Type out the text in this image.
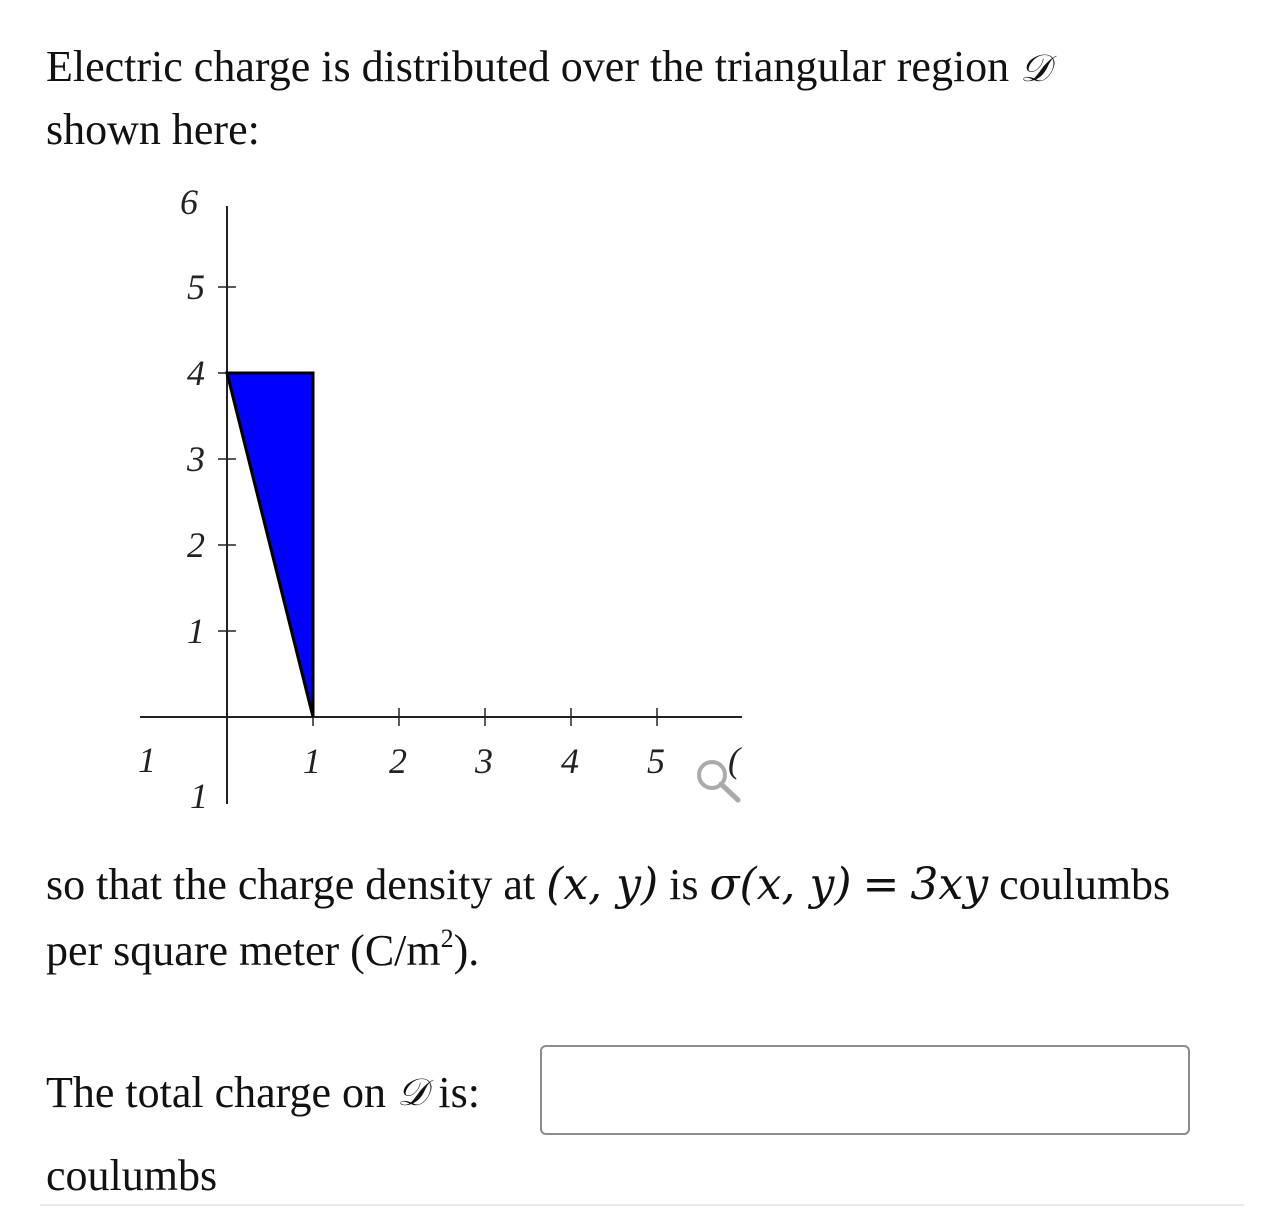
Electric charge is distributed over the triangular region 𝒟
shown here:
1 2 3 4 5
1
2
3
4
5
6
1
1
(
so that the charge density at (x, y) is σ(x, y) = 3xy coulumbs
per square meter $(C/m^2)$.
The total charge on
𝒟
is:
coulumbs
